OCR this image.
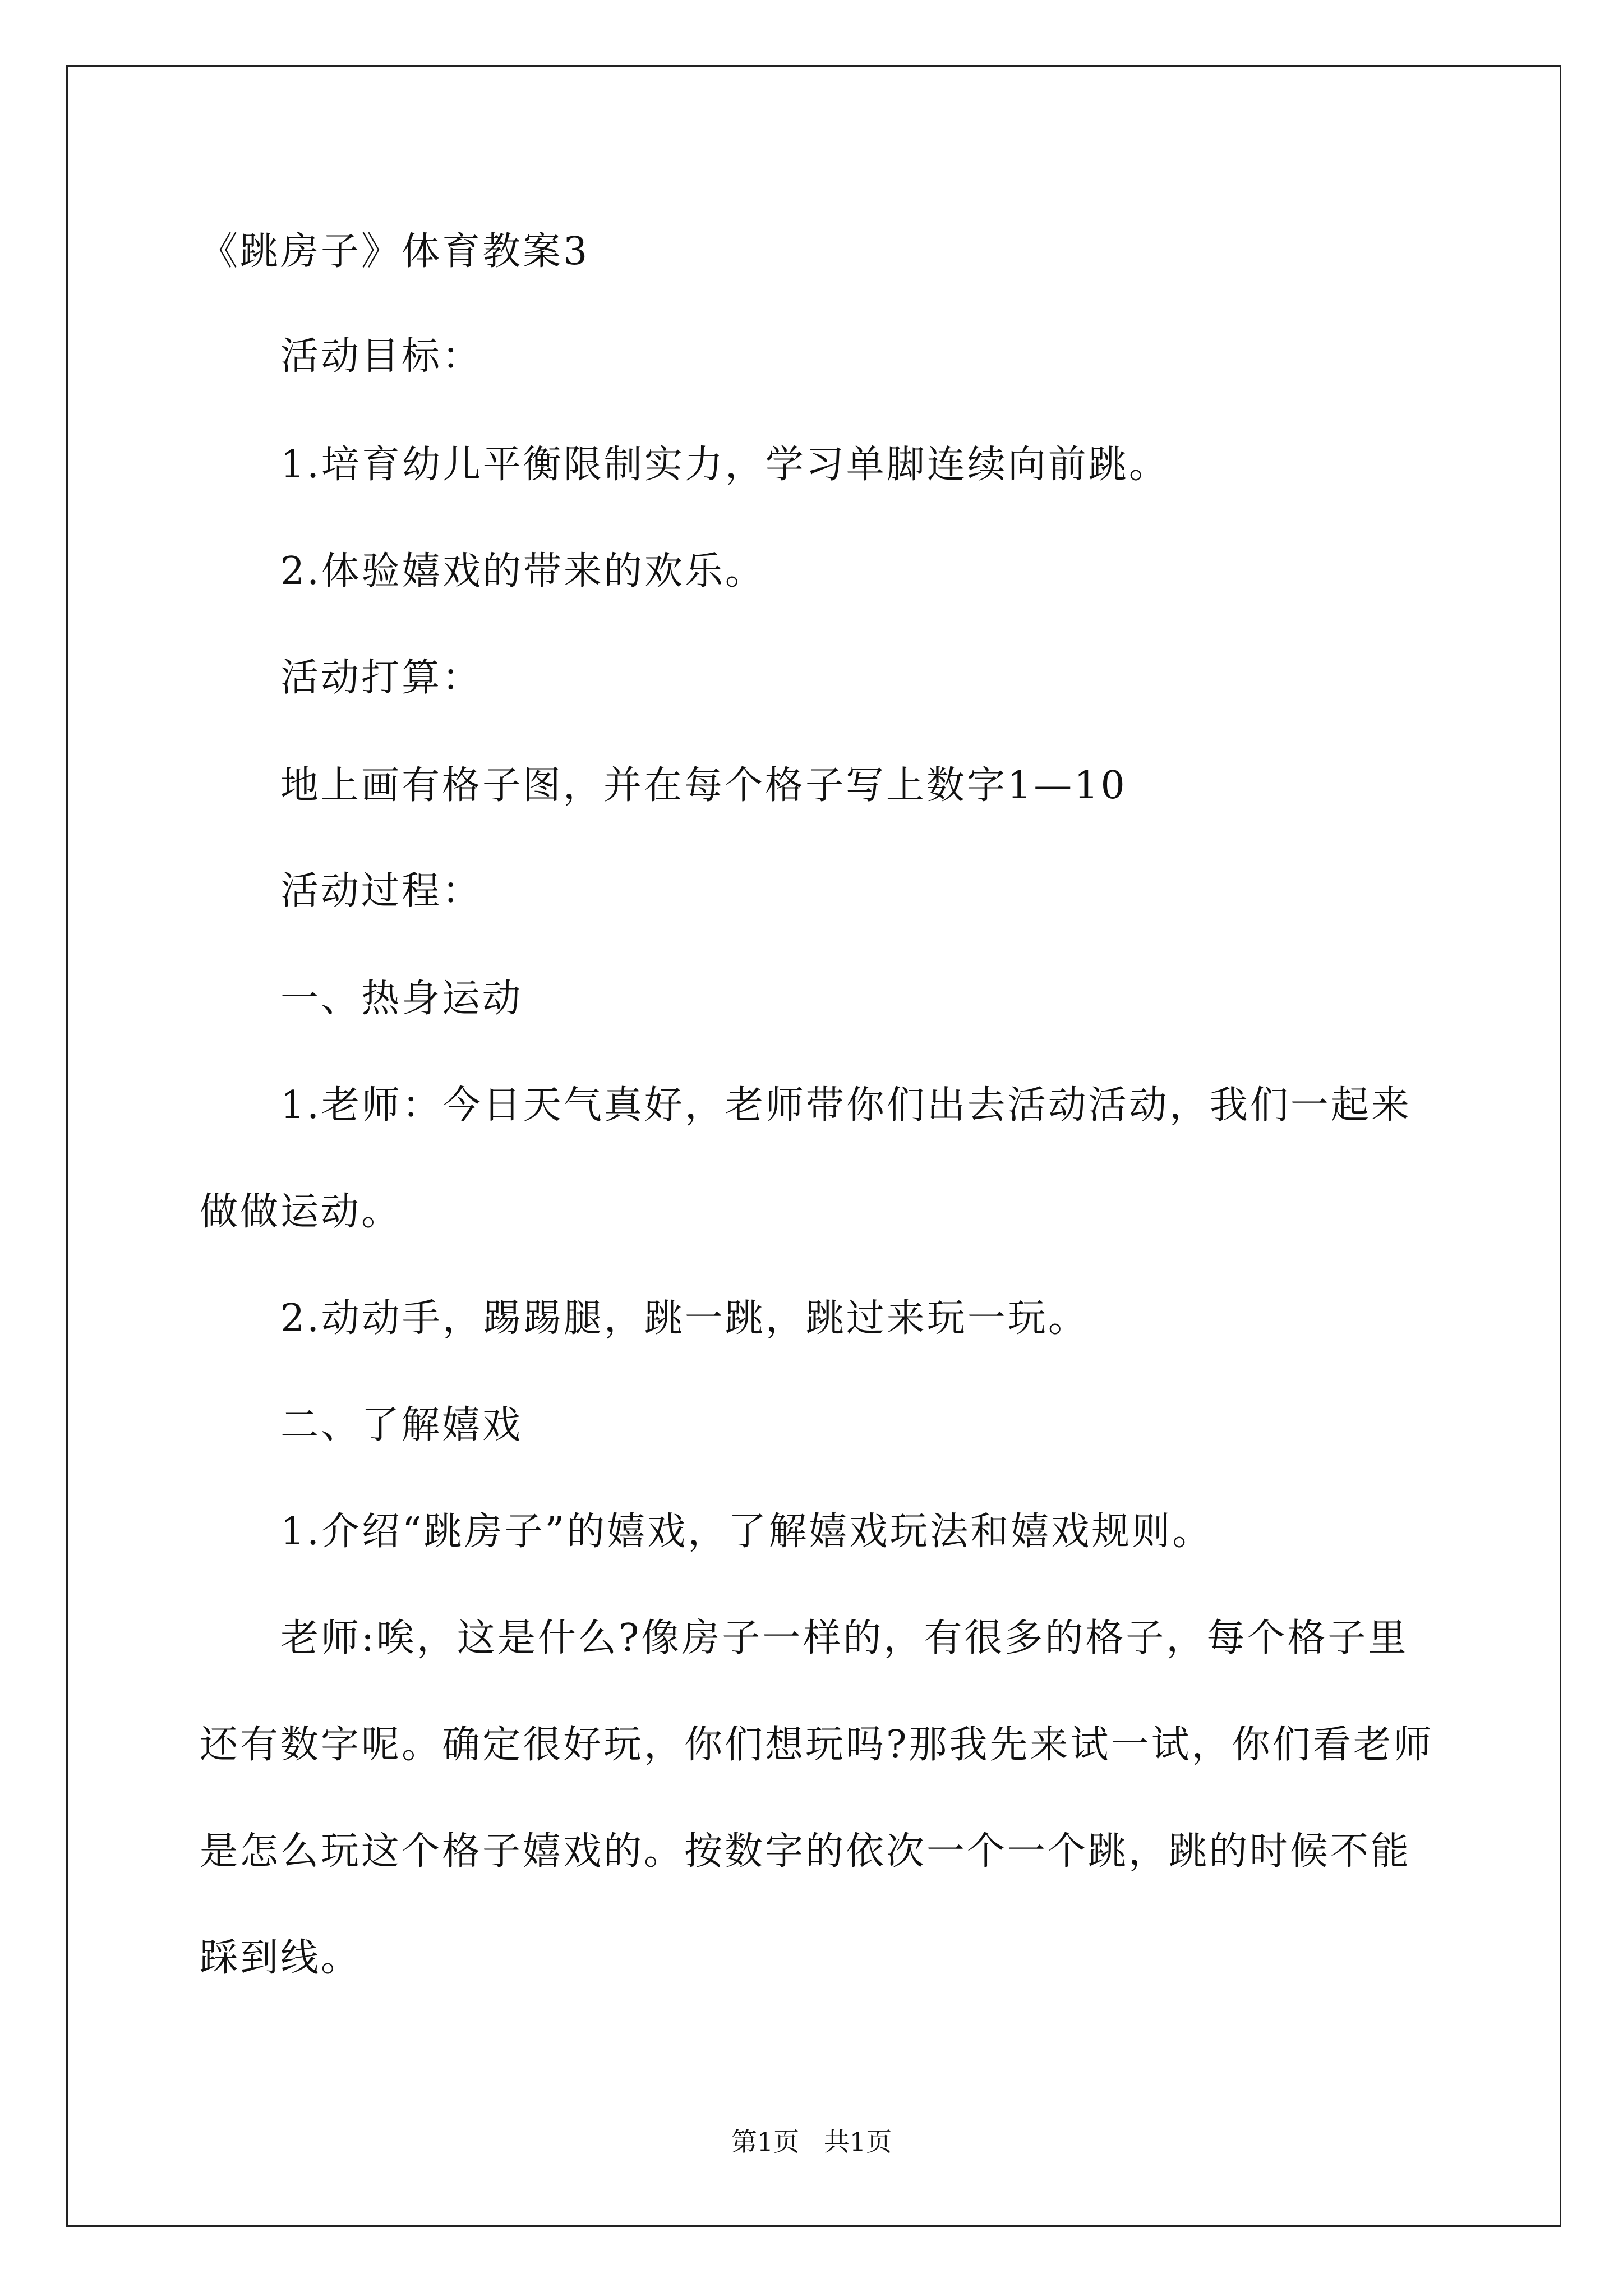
《跳房子》体育教案3
活动目标：
1.培育幼儿平衡限制实力，学习单脚连续向前跳。
2.体验嬉戏的带来的欢乐。
活动打算：
地上画有格子图，并在每个格子写上数字1—10
活动过程：
一、热身运动
1.老师：今日天气真好，老师带你们出去活动活动，我们一起来
做做运动。
2.动动手，踢踢腿，跳一跳，跳过来玩一玩。
二、了解嬉戏
1.介绍“跳房子”的嬉戏，了解嬉戏玩法和嬉戏规则。
老师:唉，这是什么?像房子一样的，有很多的格子，每个格子里
还有数字呢。确定很好玩，你们想玩吗?那我先来试一试，你们看老师
是怎么玩这个格子嬉戏的。按数字的依次一个一个跳，跳的时候不能
踩到线。
第1页   共1页
